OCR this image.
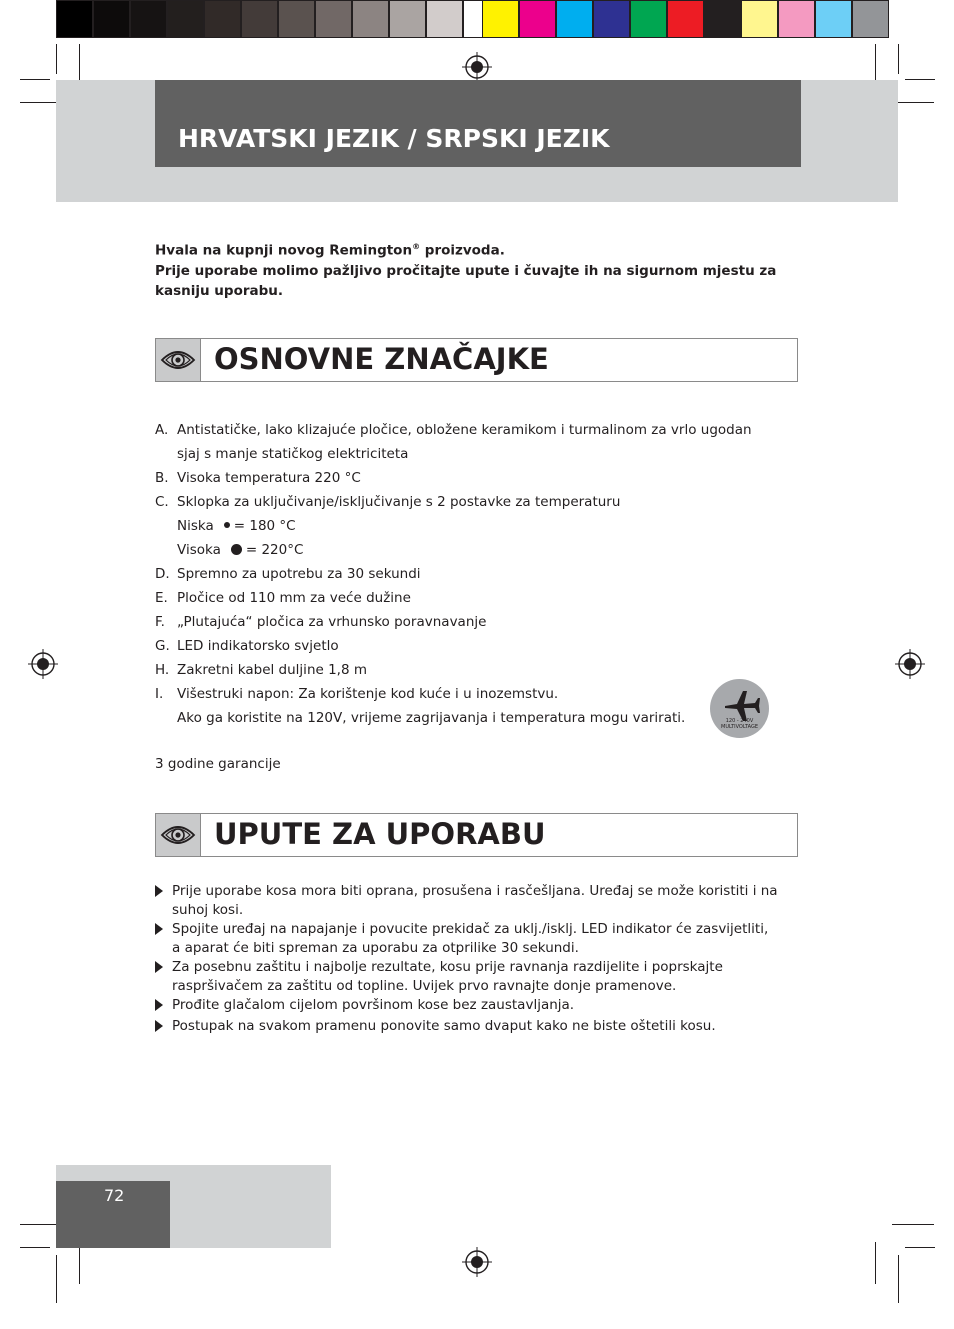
HRVATSKI JEZIK / SRPSKI JEZIK
Hvala na kupnji novog Remington® proizvoda.
Prije uporabe molimo pažljivo pročitajte upute i čuvajte ih na sigurnom mjestu za kasniju uporabu.
OSNOVNE ZNAČAJKE
A. Antistatičke, lako klizajuće pločice, obložene keramikom i turmalinom za vrlo ugodan
sjaj s manje statičkog elektriciteta
B. Visoka temperatura 220 °C
C. Sklopka za uključivanje/isključivanje s 2 postavke za temperaturu
Niska = 180 °C
Visoka = 220°C
D. Spremno za upotrebu za 30 sekundi
E. Pločice od 110 mm za veće dužine
F. „Plutajuća“ pločica za vrhunsko poravnavanje
G. LED indikatorsko svjetlo
H. Zakretni kabel duljine 1,8 m
I.	Višestruki napon: Za korištenje kod kuće i u inozemstvu.
Ako ga koristite na 120V, vrijeme zagrijavanja i temperatura mogu varirati.	120 - 240V
MULTIVOLTAGE
3 godine garancije
UPUTE ZA UPORABU
Prije uporabe kosa mora biti oprana, prosušena i rasčešljana. Uređaj se može koristiti i na suhoj kosi.
Spojite uređaj na napajanje i povucite prekidač za uklj./isklj. LED indikator će zasvijetliti, a aparat će biti spreman za uporabu za otprilike 30 sekundi.
Za posebnu zaštitu i najbolje rezultate, kosu prije ravnanja razdijelite i poprskajte raspršivačem za zaštitu od topline. Uvijek prvo ravnajte donje pramenove.
Prođite glačalom cijelom površinom kose bez zaustavljanja.
Postupak na svakom pramenu ponovite samo dvaput kako ne biste oštetili kosu.
72
